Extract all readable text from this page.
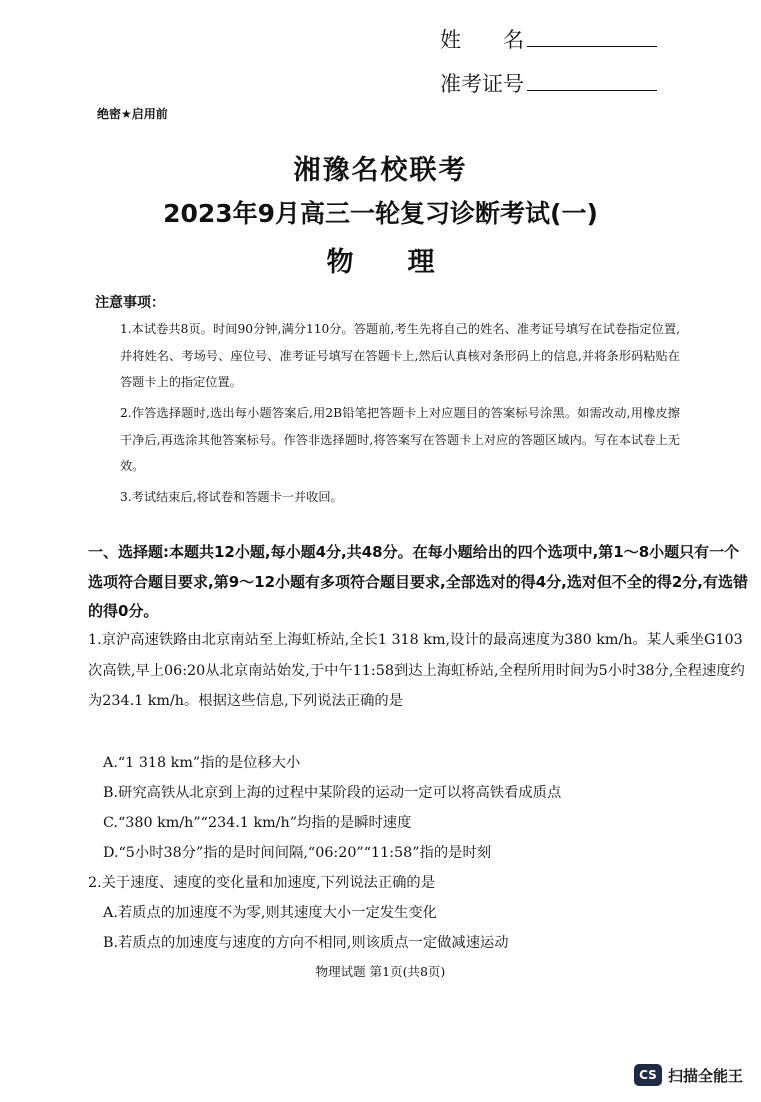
姓　　名
准考证号
绝密★启用前
湘豫名校联考
2023年9月高三一轮复习诊断考试(一)
物　　理
注意事项：
1.本试卷共8页。时间90分钟,满分110分。答题前,考生先将自己的姓名、准考证号填写在试卷指定位置,并将姓名、考场号、座位号、准考证号填写在答题卡上,然后认真核对条形码上的信息,并将条形码粘贴在答题卡上的指定位置。
2.作答选择题时,选出每小题答案后,用2B铅笔把答题卡上对应题目的答案标号涂黑。如需改动,用橡皮擦干净后,再选涂其他答案标号。作答非选择题时,将答案写在答题卡上对应的答题区域内。写在本试卷上无效。
3.考试结束后,将试卷和答题卡一并收回。
一、选择题:本题共12小题,每小题4分,共48分。在每小题给出的四个选项中,第1～8小题只有一个选项符合题目要求,第9～12小题有多项符合题目要求,全部选对的得4分,选对但不全的得2分,有选错的得0分。
1.京沪高速铁路由北京南站至上海虹桥站,全长1 318 km,设计的最高速度为380 km/h。某人乘坐G103次高铁,早上06:20从北京南站始发,于中午11:58到达上海虹桥站,全程所用时间为5小时38分,全程速度约为234.1 km/h。根据这些信息,下列说法正确的是
A.“1 318 km”指的是位移大小
B.研究高铁从北京到上海的过程中某阶段的运动一定可以将高铁看成质点
C.“380 km/h”“234.1 km/h”均指的是瞬时速度
D.“5小时38分”指的是时间间隔,“06:20”“11:58”指的是时刻
2.关于速度、速度的变化量和加速度,下列说法正确的是
A.若质点的加速度不为零,则其速度大小一定发生变化
B.若质点的加速度与速度的方向不相同,则该质点一定做减速运动
物理试题 第1页(共8页)
CS 扫描全能王
